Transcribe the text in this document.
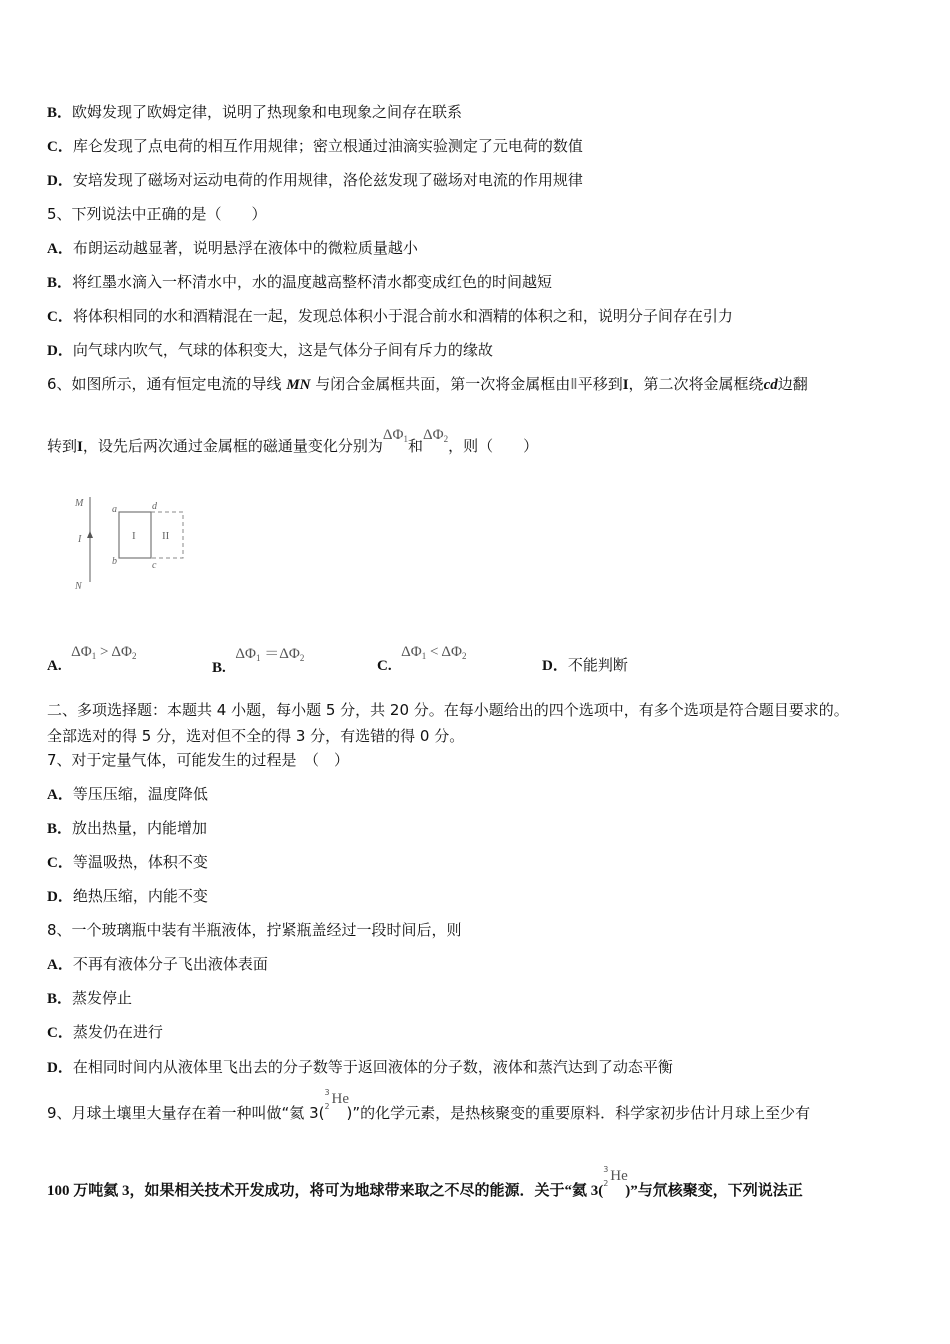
B．欧姆发现了欧姆定律，说明了热现象和电现象之间存在联系
C．库仑发现了点电荷的相互作用规律；密立根通过油滴实验测定了元电荷的数值
D．安培发现了磁场对运动电荷的作用规律，洛伦兹发现了磁场对电流的作用规律
5、下列说法中正确的是（　　）
A．布朗运动越显著，说明悬浮在液体中的微粒质量越小
B．将红墨水滴入一杯清水中，水的温度越高整杯清水都变成红色的时间越短
C．将体积相同的水和酒精混在一起，发现总体积小于混合前水和酒精的体积之和，说明分子间存在引力
D．向气球内吹气，气球的体积变大，这是气体分子间有斥力的缘故
6、如图所示，通有恒定电流的导线 MN 与闭合金属框共面，第一次将金属框由Ⅱ平移到I，第二次将金属框绕cd边翻
转到I，设先后两次通过金属框的磁通量变化分别为$\Delta\Phi_1$和$\Delta\Phi_2$，则（　　）
M
N
I
a
b	c
d
I II
A.  $\Delta\Phi_1 > \Delta\Phi_2$
B.  $\Delta\Phi_1 =\Delta\Phi_2$	C.  $\Delta\Phi_1 < \Delta\Phi_2$
D．不能判断
二、多项选择题：本题共 4 小题，每小题 5 分，共 20 分。在每小题给出的四个选项中，有多个选项是符合题目要求的。
全部选对的得 5 分，选对但不全的得 3 分，有选错的得 0 分。
7、对于定量气体，可能发生的过程是　（　）
A．等压压缩，温度降低
B．放出热量，内能增加
C．等温吸热，体积不变
D．绝热压缩，内能不变
8、一个玻璃瓶中装有半瓶液体，拧紧瓶盖经过一段时间后，则
A．不再有液体分子飞出液体表面
B．蒸发停止
C．蒸发仍在进行
D．在相同时间内从液体里飞出去的分子数等于返回液体的分子数，液体和蒸汽达到了动态平衡
9、月球土壤里大量存在着一种叫做“氦 3(
3
2 He
)”的化学元素，是热核聚变的重要原料．科学家初步估计月球上至少有
100 万吨氦 3，如果相关技术开发成功，将可为地球带来取之不尽的能源．关于“氦 3(
3
2 He
)”与氘核聚变，下列说法正
